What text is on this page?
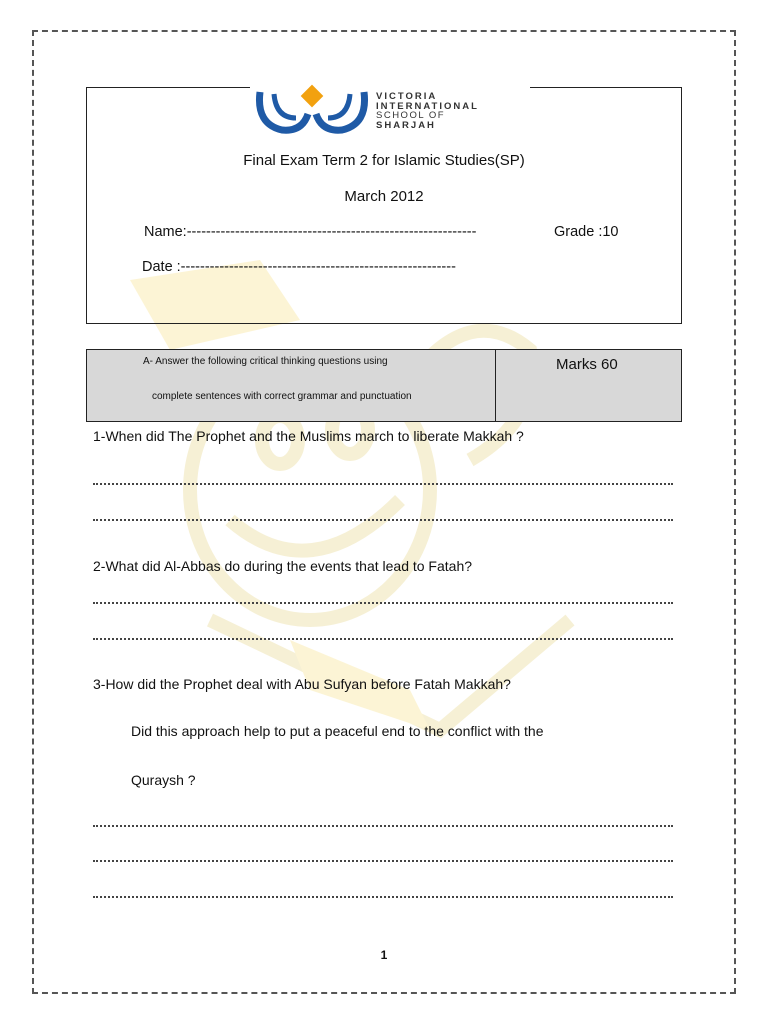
VICTORIA
INTERNATIONAL
SCHOOL OF
SHARJAH
Final Exam Term 2 for Islamic Studies(SP)
March 2012
Name:------------------------------------------------------------	Grade :10
Date :---------------------------------------------------------
A- Answer the following critical thinking questions using
complete sentences with correct grammar and punctuation
Marks 60
1-When did The Prophet and the Muslims march to liberate Makkah ?
2-What did Al-Abbas do during the events that lead to Fatah?
3-How did the Prophet deal with Abu Sufyan before Fatah Makkah?
Did this approach help to put a peaceful end to the conflict with the
Quraysh ?
1
